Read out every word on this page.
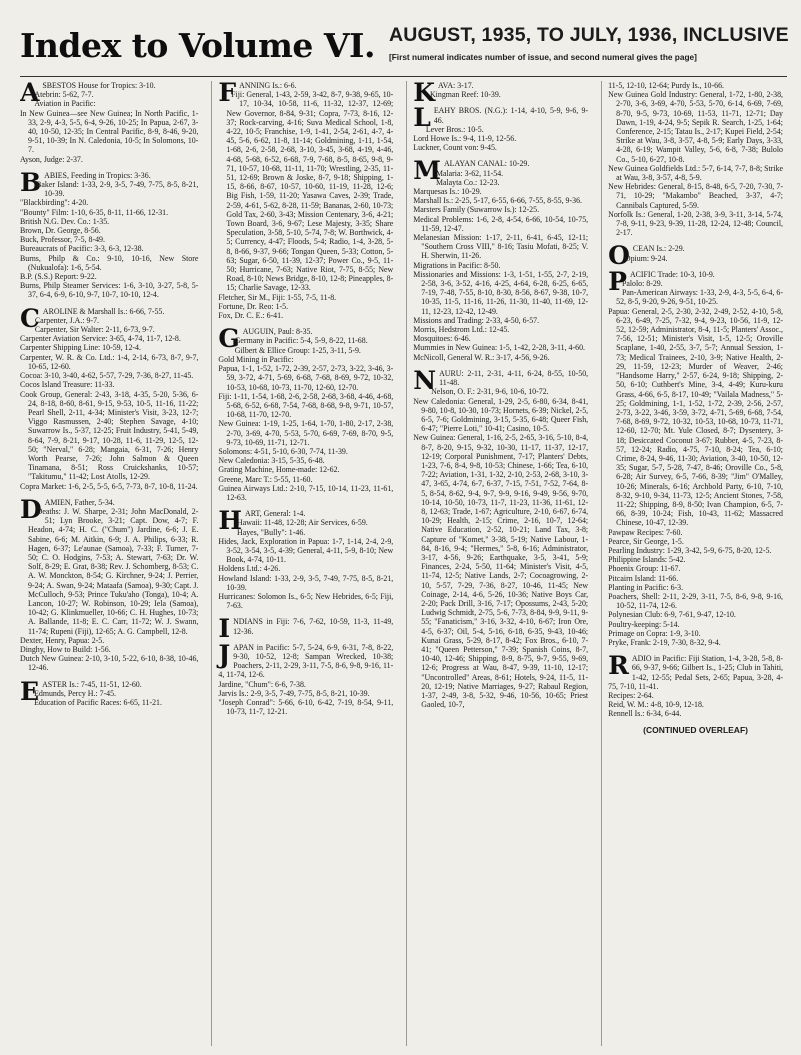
Index to Volume VI. AUGUST, 1935, TO JULY, 1936, INCLUSIVE
[First numeral indicates number of issue, and second numeral gives the page]
A SBESTOS House for Tropics: 3-10.

Atebrin: 5-62, 7-7.

Aviation in Pacific:

In New Guinea—see New Guinea; In North Pacific, 1-33, 2-9, 4-3, 5-5, 6-4, 9-26, 10-25; In Papua, 2-67, 3-40, 10-50, 12-35; In Central Pacific, 8-9, 8-46, 9-20, 9-51, 10-39; In N. Caledonia, 10-5; In Solomons, 10-7.

Ayson, Judge: 2-37.

B ABIES, Feeding in Tropics: 3-36.

Baker Island: 1-33, 2-9, 3-5, 7-49, 7-75, 8-5, 8-21, 10-39.

"Blackbirding": 4-20.

"Bounty" Film: 1-10, 6-35, 8-11, 11-66, 12-31.

British N.G. Dev. Co.: 1-35.

Brown, Dr. George, 8-56.

Buck, Professor, 7-5, 8-49.

Bureaucrats of Pacific: 3-3, 6-3, 12-38.

Burns, Philp & Co.: 9-10, 10-16, New Store (Nukualofa): 1-6, 5-54.

B.P. (S.S.) Report: 9-22.

Burns, Philp Steamer Services: 1-6, 3-10, 3-27, 5-8, 5-37, 6-4, 6-9, 6-10, 9-7, 10-7, 10-10, 12-4.

C AROLINE & Marshall Is.: 6-66, 7-55.

Carpenter, J.A.: 9-7.

Carpenter, Sir Walter: 2-11, 6-73, 9-7.

Carpenter Aviation Service: 3-65, 4-74, 11-7, 12-8.

Carpenter Shipping Line: 10-59, 12-4.

Carpenter, W. R. & Co. Ltd.: 1-4, 2-14, 6-73, 8-7, 9-7, 10-65, 12-60.

Cocoa: 3-10, 3-40, 4-62, 5-57, 7-29, 7-36, 8-27, 11-45.

Cocos Island Treasure: 11-33.

Cook Group, General: 2-43, 3-18, 4-35, 5-20, 5-36, 6-24, 8-18, 8-60, 8-61, 9-15, 9-53, 10-5, 11-16, 11-22; Pearl Shell, 2-11, 4-34; Minister's Visit, 3-23, 12-7; Viggo Rasmussen, 2-40; Stephen Savage, 4-10; Suwarrow Is., 5-37, 12-25; Fruit Industry, 5-41, 5-49, 8-64, 7-9, 8-21, 9-17, 10-28, 11-6, 11-29, 12-5, 12-50; "Nerval," 6-28; Mangaia, 6-31, 7-26; Henry Worth Pearse, 7-26; John Salmon & Queen Tinamana, 8-51; Ross Cruickshanks, 10-57; "Takitumu," 11-42; Lost Atolls, 12-29.

Copra Market: 1-6, 2-5, 5-5, 6-5, 7-73, 8-7, 10-8, 11-24.

D AMIEN, Father, 5-34.

Deaths: J. W. Sharpe, 2-31; John MacDonald, 2-51; Lyn Brooke, 3-21; Capt. Dow, 4-7; F. Headon, 4-74; H. C. ("Chum") Jardine, 6-6; J. E. Sabine, 6-6; M. Aitkin, 6-9; J. A. Philips, 6-33; R. Hagen, 6-37; Le'aunae (Samoa), 7-33; F. Turner, 7-50; C. O. Hodgins, 7-53; A. Stewart, 7-63; Dr. W. Solf, 8-29; E. Grat, 8-38; Rev. J. Schomberg, 8-53; C. A. W. Monckton, 8-54; G. Kirchner, 9-24; J. Perrier, 9-24; A. Swan, 9-24; Mataafa (Samoa), 9-30; Capt. J. McCulloch, 9-53; Prince Tuku'aho (Tonga), 10-4; A. Lancon, 10-27; W. Robinson, 10-29; Iela (Samoa), 10-42; G. Klinkmueller, 10-66; C. H. Hughes, 10-73; A. Ballande, 11-8; E. C. Carr, 11-72; W. J. Swann, 11-74; Rupeni (Fiji), 12-65; A. G. Campbell, 12-8.

Dexter, Henry, Papua: 2-5.

Dinghy, How to Build: 1-56.

Dutch New Guinea: 2-10, 3-10, 5-22, 6-10, 8-38, 10-46, 12-46.

E ASTER Is.: 7-45, 11-51, 12-60.

Edmunds, Percy H.: 7-45.

Education of Pacific Races: 6-65, 11-21.

F ANNING Is.: 6-6.

Fiji: General, 1-43, 2-59, 3-42, 8-7, 9-38, 9-65, 10-17, 10-34, 10-58, 11-6, 11-32, 12-37, 12-69; New Governor, 8-84, 9-31; Copra, 7-73, 8-16, 12-37; Rock-carving, 4-16; Suva Medical School, 1-8, 4-22, 10-5; Franchise, 1-9, 1-41, 2-54, 2-61, 4-7, 4-45, 5-6, 6-62, 11-8, 11-14; Goldmining, 1-11, 1-54, 1-68, 2-6, 2-58, 2-68, 3-10, 3-45, 3-68, 4-19, 4-46, 4-68, 5-68, 6-52, 6-68, 7-9, 7-68, 8-5, 8-65, 9-8, 9-71, 10-57, 10-68, 11-11, 11-70; Wrestling, 2-35, 11-51, 12-69; Brown & Joske, 8-7, 9-18; Shipping, 1-15, 8-66, 8-67, 10-57, 10-60, 11-19, 11-28, 12-6; Big Fish, 1-59, 11-20; Yasawa Caves, 2-39; Trade, 2-59, 4-61, 5-62, 8-28, 11-59; Bananas, 2-60, 10-73; Gold Tax, 2-60, 3-43; Mission Centenary, 3-6, 4-21; Town Board, 3-6, 9-67; Lese Majesty, 3-35; Share Speculation, 3-58, 5-10, 5-74, 7-8; W. Borthwick, 4-5; Currency, 4-47; Floods, 5-4; Radio, 1-4, 3-28, 5-8, 8-66, 9-37, 9-66; Tongan Queen, 5-33; Cotton, 5-63; Sugar, 6-50, 11-39, 12-37; Power Co., 9-5, 11-50; Hurricane, 7-63; Native Riot, 7-75, 8-55; New Road, 8-10; News Bridge, 8-10, 12-8; Pineapples, 8-15; Charlie Savage, 12-33.

Fletcher, Sir M., Fiji: 1-55, 7-5, 11-8.

Fortune, Dr. Reo: 1-5.

Fox, Dr. C. E.: 6-41.

G AUGUIN, Paul: 8-35.

Germany in Pacific: 5-4, 5-9, 8-22, 11-68.

Gilbert & Ellice Group: 1-25, 3-11, 5-9.

Gold Mining in Pacific:

Papua, 1-1, 1-52, 1-72, 2-39, 2-57, 2-73, 3-22, 3-46, 3-59, 3-72, 4-71, 5-69, 6-68, 7-68, 8-69, 9-72, 10-32, 10-53, 10-68, 10-73, 11-70, 12-60, 12-70.

Fiji: 1-11, 1-54, 1-68, 2-6, 2-58, 2-68, 3-68, 4-46, 4-68, 5-68, 6-52, 6-68, 7-54, 7-68, 8-68, 9-8, 9-71, 10-57, 10-68, 11-70, 12-70.

New Guinea: 1-19, 1-25, 1-64, 1-70, 1-80, 2-17, 2-38, 2-70, 3-69, 4-70, 5-53, 5-70, 6-69, 7-69, 8-70, 9-5, 9-73, 10-69, 11-71, 12-71.

Solomons: 4-51, 5-10, 6-30, 7-74, 11-39.

New Caledonia: 3-15, 5-35, 6-48.

Grating Machine, Home-made: 12-62.

Greene, Marc T.: 5-55, 11-60.

Guinea Airways Ltd.: 2-10, 7-15, 10-14, 11-23, 11-61, 12-63.

H ART, General: 1-4.

Hawaii: 11-48, 12-28; Air Services, 6-59.

Hayes, "Bully": 1-46.

Hides, Jack, Exploration in Papua: 1-7, 1-14, 2-4, 2-9, 3-52, 3-54, 3-5, 4-39; General, 4-11, 5-9, 8-10; New Book, 4-74, 10-11.

Holdens Ltd.: 4-26.

Howland Island: 1-33, 2-9, 3-5, 7-49, 7-75, 8-5, 8-21, 10-39.

Hurricanes: Solomon Is., 6-5; New Hebrides, 6-5; Fiji, 7-63.

I NDIANS in Fiji: 7-6, 7-62, 10-59, 11-3, 11-49, 12-36.

J APAN in Pacific: 5-7, 5-24, 6-9, 6-31, 7-8, 8-22, 9-30, 10-52, 12-8; Sampan Wrecked, 10-38; Poachers, 2-11, 2-29, 3-11, 7-5, 8-6, 9-8, 9-16, 11-4, 11-74, 12-6.

Jardine, "Chum": 6-6, 7-38.

Jarvis Is.: 2-9, 3-5, 7-49, 7-75, 8-5, 8-21, 10-39.

"Joseph Conrad": 5-66, 6-10, 6-42, 7-19, 8-54, 9-11, 10-73, 11-7, 12-21.

K AVA: 3-17.

Kingman Reef: 10-39.

L EAHY BROS. (N.G.): 1-14, 4-10, 5-9, 9-6, 9-46.

Lever Bros.: 10-5.

Lord Howe Is.: 9-4, 11-9, 12-56.

Luckner, Count von: 9-45.

M ALAYAN CANAL: 10-29.

Malaria: 3-62, 11-54.

Malayta Co.: 12-23.

Marquesas Is.: 10-29.

Marshall Is.: 2-25, 5-17, 6-55, 6-66, 7-55, 8-55, 9-36.

Marsters Family (Suwarrow Is.): 12-25.

Medical Problems: 1-6, 2-8, 4-54, 6-66, 10-54, 10-75, 11-59, 12-47.

Melanesian Mission: 1-17, 2-11, 6-41, 6-45, 12-11; "Southern Cross VIII," 8-16; Tasiu Mofati, 8-25; V. H. Sherwin, 11-26.

Migrations in Pacific: 8-50.

Missionaries and Missions: 1-3, 1-51, 1-55, 2-7, 2-19, 2-58, 3-6, 3-52, 4-16, 4-25, 4-64, 6-28, 6-25, 6-65, 7-19, 7-48, 7-55, 8-10, 8-30, 8-56, 8-67, 9-38, 10-7, 10-35, 11-5, 11-16, 11-26, 11-30, 11-40, 11-69, 12-11, 12-23, 12-42, 12-49.

Missions and Trading: 2-33, 4-50, 6-57.

Morris, Hedstrom Ltd.: 12-45.

Mosquitoes: 6-46.

Mummies in New Guinea: 1-5, 1-42, 2-28, 3-11, 4-60.

McNicoll, General W. R.: 3-17, 4-56, 9-26.

N AURU: 2-11, 2-31, 4-11, 6-24, 8-55, 10-50, 11-48.

Nelson, O. F.: 2-31, 9-6, 10-6, 10-72.

New Caledonia: General, 1-29, 2-5, 6-80, 6-34, 8-41, 9-80, 10-8, 10-30, 10-73; Hornets, 6-39; Nickel, 2-5, 6-5, 7-6; Goldmining, 3-15, 5-35, 6-48; Queer Fish, 6-47; "Pierre Loti," 10-41; Casino, 10-5.

New Guinea: General, 1-16, 2-5, 2-65, 3-16, 5-10, 8-4, 8-7, 8-20, 9-15, 9-32, 10-30, 11-17, 11-37, 12-17, 12-19; Corporal Punishment, 7-17; Planters' Debts, 1-23, 7-6, 8-4, 9-8, 10-53; Chinese, 1-66; Tea, 6-10, 7-22; Aviation, 1-31, 1-32, 2-10, 2-53, 2-68, 3-10, 3-47, 3-65, 4-74, 6-7, 6-37, 7-15, 7-51, 7-52, 7-64, 8-5, 8-54, 8-62, 9-4, 9-7, 9-9, 9-16, 9-49, 9-56, 9-70, 10-14, 10-50, 10-73, 11-7, 11-23, 11-36, 11-61, 12-8, 12-63; Trade, 1-67; Agriculture, 2-10, 6-67, 6-74, 10-29; Health, 2-15; Crime, 2-16, 10-7, 12-64; Native Education, 2-52, 10-21; Land Tax, 3-8; Capture of "Komet," 3-38, 5-19; Native Labour, 1-84, 8-16, 9-4; "Hermes," 5-8, 6-16; Administrator, 3-17, 4-56, 9-26; Earthquake, 3-5, 3-41, 5-9; Finances, 2-24, 5-50, 11-64; Minister's Visit, 4-5, 11-74, 12-5; Native Lands, 2-7; Cocoagrowing, 2-10, 5-57, 7-29, 7-36, 8-27, 10-46, 11-45; New Coinage, 2-14, 4-6, 5-26, 10-36; Native Boys Car, 2-20; Pack Drill, 3-16, 7-17; Opossums, 2-43, 5-20; Ludwig Schmidt, 2-75, 5-6, 7-73, 8-84, 9-9, 9-11, 9-55; "Fanaticism," 3-16, 3-32, 4-10, 6-67; Iron Ore, 4-5, 6-37; Oil, 5-4, 5-16, 6-18, 6-35, 9-43, 10-46; Kunai Grass, 5-29, 8-17, 8-42; Fox Bros., 6-10, 7-41; "Queen Petterson," 7-39; Spanish Coins, 8-7, 10-40, 12-46; Shipping, 8-9, 8-75, 9-7, 9-55, 9-69, 12-6; Progress at Wau, 8-47, 9-39, 11-10, 12-17; "Uncontrolled" Areas, 8-61; Hotels, 9-24, 11-5, 11-20, 12-19; Native Marriages, 9-27; Rabaul Region, 1-37, 2-49, 3-8, 5-32, 9-46, 10-56, 10-65; Priest Gaoled, 10-7,

11-5, 12-10, 12-64; Purdy Is., 10-66.

New Guinea Gold Industry: General, 1-72, 1-80, 2-38, 2-70, 3-6, 3-69, 4-70, 5-53, 5-70, 6-14, 6-69, 7-69, 8-70, 9-5, 9-73, 10-69, 11-53, 11-71, 12-71; Day Dawn, 1-19, 4-24, 9-5; Sepik R. Search, 1-25, 1-64; Conference, 2-15; Tatau Is., 2-17; Kupei Field, 2-54; Strike at Wau, 3-8, 3-57, 4-8, 5-9; Early Days, 3-33, 4-28, 6-19; Wampit Valley, 5-6, 6-8, 7-38; Bulolo Co., 5-10, 6-27, 10-8.

New Guinea Goldfields Ltd.: 5-7, 6-14, 7-7, 8-8; Strike at Wau, 3-8, 3-57, 4-8, 5-9.

New Hebrides: General, 8-15, 8-48, 6-5, 7-20, 7-30, 7-71, 10-29; "Makambo" Beached, 3-37, 4-7; Cannibals Captured, 5-59.

Norfolk Is.: General, 1-20, 2-38, 3-9, 3-11, 3-14, 5-74, 7-8, 9-11, 9-23, 9-39, 11-28, 12-24, 12-48; Council, 2-17.

O CEAN Is.: 2-29.

Opium: 9-24.

P ACIFIC Trade: 10-3, 10-9.

Palolo: 8-29.

Pan-American Airways: 1-33, 2-9, 4-3, 5-5, 6-4, 6-52, 8-5, 9-20, 9-26, 9-51, 10-25.

Papua: General, 2-5, 2-30, 2-32, 2-49, 2-52, 4-10, 5-8, 6-23, 6-49, 7-25, 7-32, 9-4, 9-23, 10-56, 11-9, 12-52, 12-59; Administrator, 8-4, 11-5; Planters' Assoc., 7-56, 12-51; Minister's Visit, 1-5, 12-5; Oroville Scaplane, 1-40, 2-55, 3-7, 5-7; Annual Session, 1-73; Medical Trainees, 2-10, 3-9; Native Health, 2-29, 11-59, 12-23; Murder of Weaver, 2-46; "Handsome Harry," 2-57, 6-24, 9-18; Shipping, 2-50, 6-10; Cuthbert's Mine, 3-4, 4-49; Kuru-kuru Grass, 4-66, 6-5, 8-17, 10-49; "Vailala Madness," 5-25; Goldmining, 1-1, 1-52, 1-72, 2-39, 2-56, 2-57, 2-73, 3-22, 3-46, 3-59, 3-72, 4-71, 5-69, 6-68, 7-54, 7-68, 8-69, 9-72, 10-32, 10-53, 10-68, 10-73, 11-71, 12-60, 12-70; Mt. Yule Closed, 8-7; Dysentery, 3-18; Desiccated Coconut 3-67; Rubber, 4-5, 7-23, 8-57, 12-24; Radio, 4-75, 7-10, 8-24; Tea, 6-10; Crime, 8-24, 9-46, 11-30; Aviation, 3-40, 10-50, 12-35; Sugar, 5-7, 5-28, 7-47, 8-46; Oroville Co., 5-8, 6-28; Air Survey, 6-5, 7-66, 8-39; "Jim" O'Malley, 10-26; Minerals, 6-16; Archbold Party, 6-10, 7-10, 8-32, 9-10, 9-34, 11-73, 12-5; Ancient Stones, 7-58, 11-22; Shipping, 8-9, 8-50; Ivan Champion, 6-5, 7-66, 8-39, 10-24; Fish, 10-43, 11-62; Massacred Chinese, 10-47, 12-39.

Pawpaw Recipes: 7-60.

Pearce, Sir George, 1-5.

Pearling Industry: 1-29, 3-42, 5-9, 6-75, 8-20, 12-5.

Philippine Islands: 5-42.

Phoenix Group: 11-67.

Pitcairn Island: 11-66.

Planting in Pacific: 6-3.

Poachers, Shell: 2-11, 2-29, 3-11, 7-5, 8-6, 9-8, 9-16, 10-52, 11-74, 12-6.

Polynesian Club: 6-9, 7-61, 9-47, 12-10.

Poultry-keeping: 5-14.

Primage on Copra: 1-9, 3-10.

Pryke, Frank: 2-19, 7-30, 8-32, 9-4.

R ADIO in Pacific: Fiji Station, 1-4, 3-28, 5-8, 8-66, 9-37, 9-66; Gilbert Is., 1-25; Club in Tahiti, 1-42, 12-55; Pedal Sets, 2-65; Papua, 3-28, 4-75, 7-10, 11-41.

Recipes: 2-64.

Reid, W. M.: 4-8, 10-9, 12-18.

Rennell Is.: 6-34, 6-44.

(CONTINUED OVERLEAF)
